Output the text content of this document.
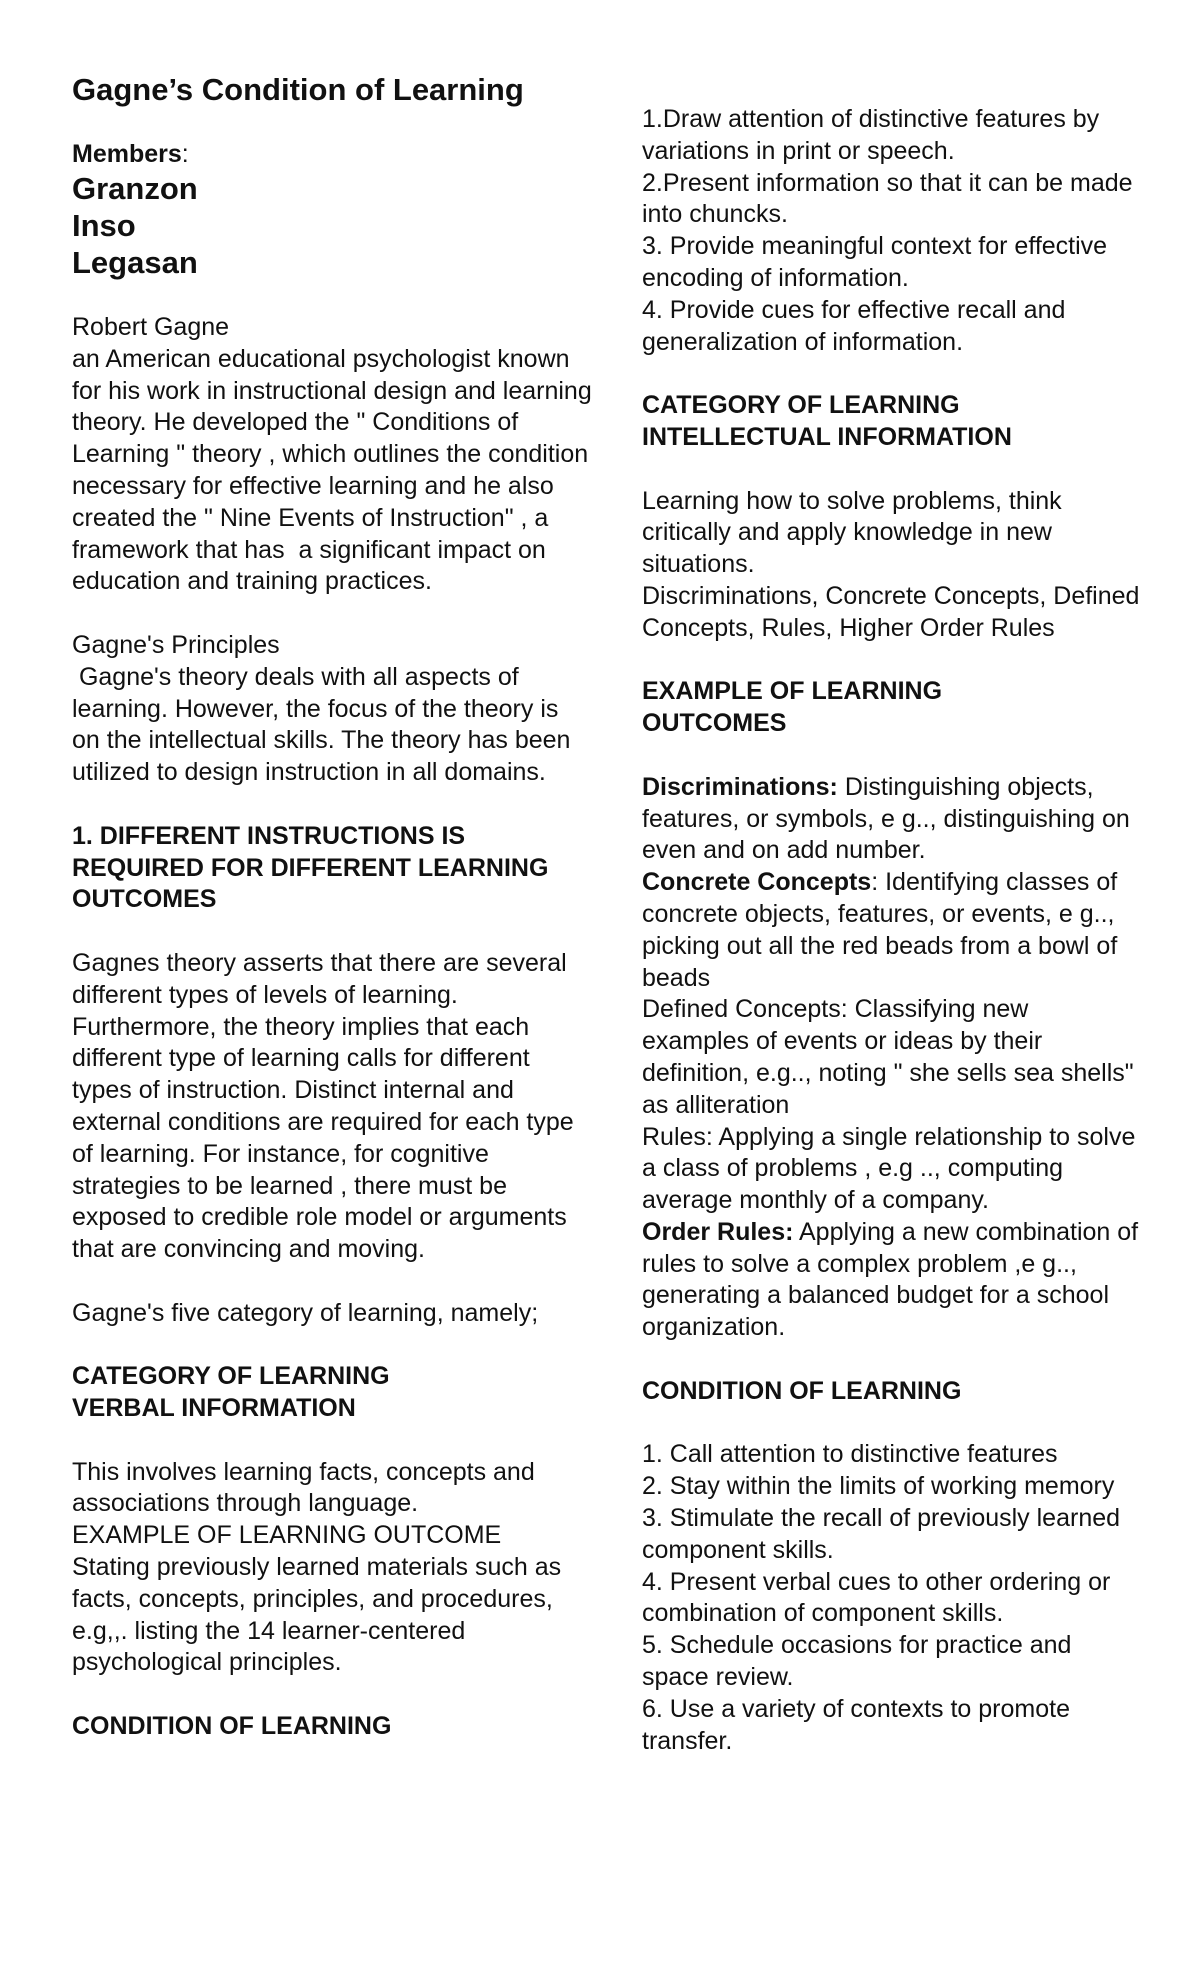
Gagne’s Condition of Learning
Members:
Granzon
Inso
Legasan

Robert Gagne

an American educational psychologist known for his work in instructional design and learning theory. He developed the " Conditions of Learning " theory , which outlines the condition necessary for effective learning and he also created the " Nine Events of Instruction" , a framework that has  a significant impact on education and training practices.

Gagne's Principles

Gagne's theory deals with all aspects of learning. However, the focus of the theory is on the intellectual skills. The theory has been utilized to design instruction in all domains.

1. DIFFERENT INSTRUCTIONS IS REQUIRED FOR DIFFERENT LEARNING OUTCOMES

Gagnes theory asserts that there are several different types of levels of learning. Furthermore, the theory implies that each different type of learning calls for different types of instruction. Distinct internal and external conditions are required for each type of learning. For instance, for cognitive strategies to be learned , there must be exposed to credible role model or arguments that are convincing and moving.

Gagne's five category of learning, namely;

CATEGORY OF LEARNING

VERBAL INFORMATION

This involves learning facts, concepts and associations through language.

EXAMPLE OF LEARNING OUTCOME

Stating previously learned materials such as facts, concepts, principles, and procedures, e.g,,. listing the 14 learner-centered psychological principles.

CONDITION OF LEARNING

1.Draw attention of distinctive features by variations in print or speech.

2.Present information so that it can be made into chuncks.

3. Provide meaningful context for effective encoding of information.

4. Provide cues for effective recall and generalization of information.

CATEGORY OF LEARNING

INTELLECTUAL INFORMATION

Learning how to solve problems, think critically and apply knowledge in new situations.

Discriminations, Concrete Concepts, Defined Concepts, Rules, Higher Order Rules

EXAMPLE OF LEARNING

OUTCOMES

Discriminations: Distinguishing objects, features, or symbols, e g.., distinguishing on even and on add number.

Concrete Concepts: Identifying classes of concrete objects, features, or events, e g.., picking out all the red beads from a bowl of beads

Defined Concepts: Classifying new examples of events or ideas by their definition, e.g.., noting " she sells sea shells" as alliteration

Rules: Applying a single relationship to solve a class of problems , e.g .., computing average monthly of a company.

Order Rules: Applying a new combination of rules to solve a complex problem ,e g.., generating a balanced budget for a school organization.

CONDITION OF LEARNING

1. Call attention to distinctive features

2. Stay within the limits of working memory

3. Stimulate the recall of previously learned component skills.

4. Present verbal cues to other ordering or combination of component skills.

5. Schedule occasions for practice and space review.

6. Use a variety of contexts to promote transfer.
